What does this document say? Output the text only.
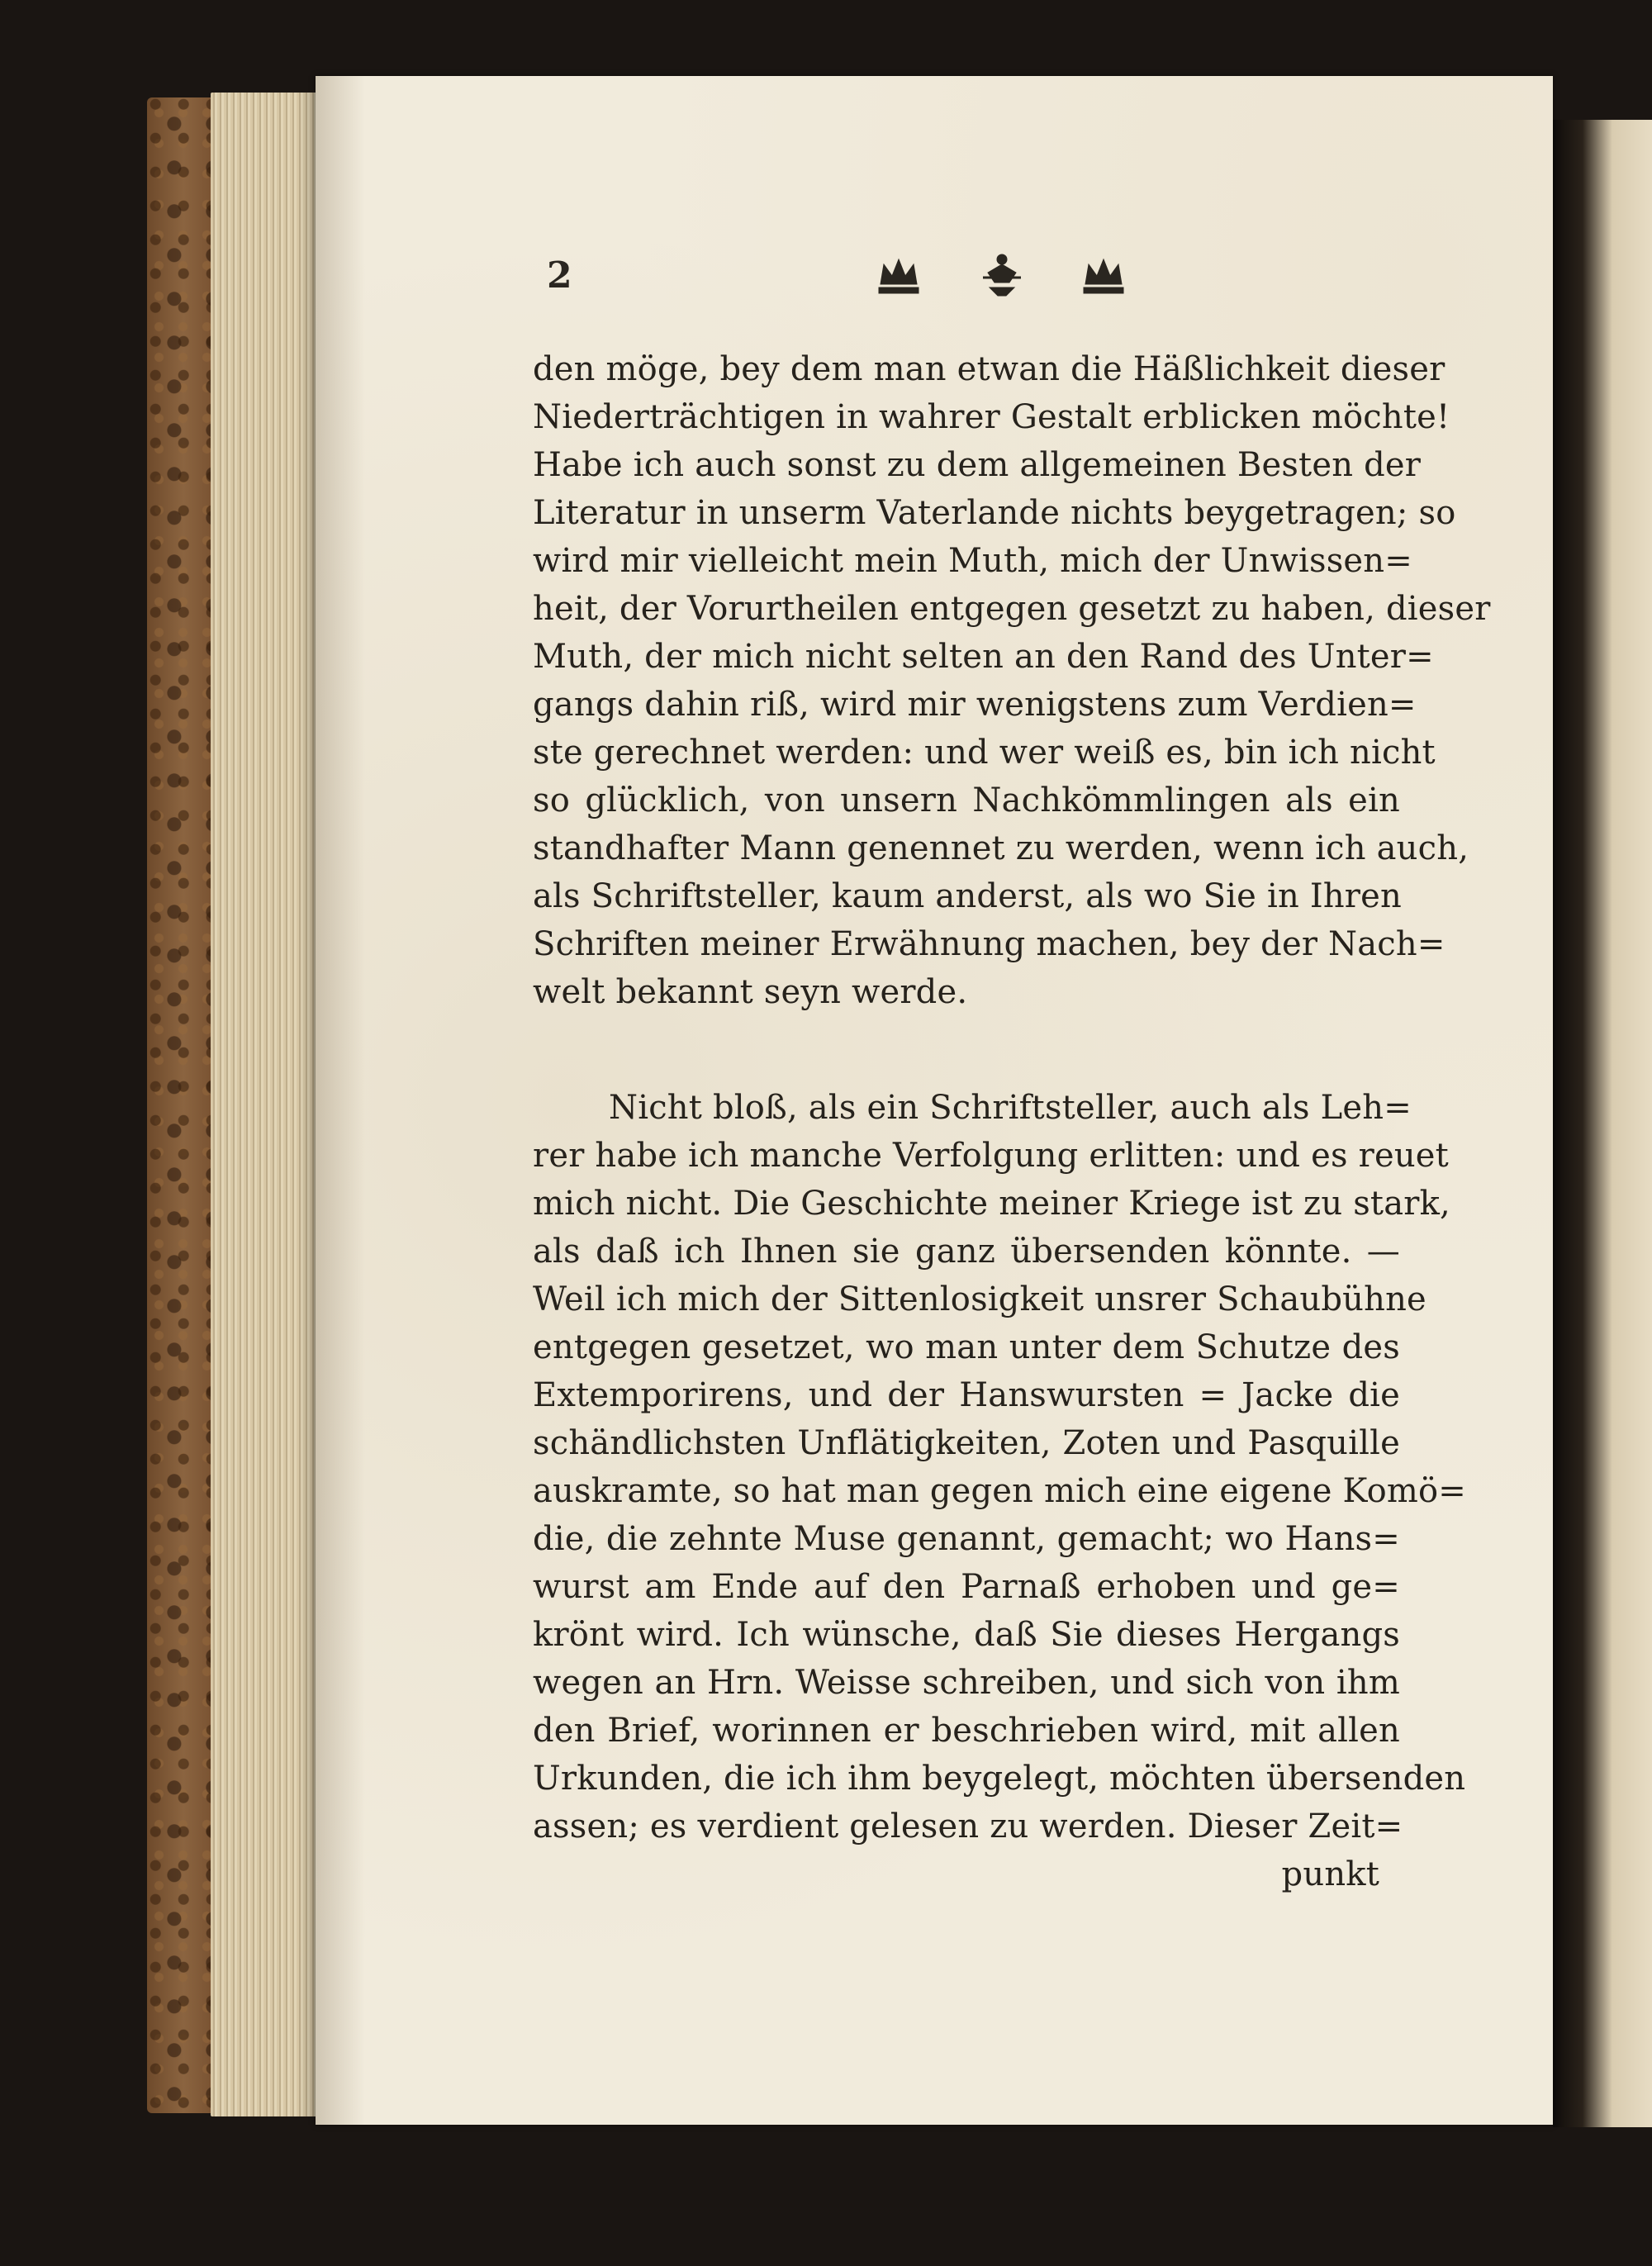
2
den möge, bey dem man etwan die Häßlichkeit dieser
Niederträchtigen in wahrer Gestalt erblicken möchte!
Habe ich auch sonst zu dem allgemeinen Besten der
Literatur in unserm Vaterlande nichts beygetragen; so
wird mir vielleicht mein Muth, mich der Unwissen=
heit, der Vorurtheilen entgegen gesetzt zu haben, dieser
Muth, der mich nicht selten an den Rand des Unter=
gangs dahin riß, wird mir wenigstens zum Verdien=
ste gerechnet werden: und wer weiß es, bin ich nicht
so glücklich, von unsern Nachkömmlingen als ein
standhafter Mann genennet zu werden, wenn ich auch,
als Schriftsteller, kaum anderst, als wo Sie in Ihren
Schriften meiner Erwähnung machen, bey der Nach=
welt bekannt seyn werde.
Nicht bloß, als ein Schriftsteller, auch als Leh=
rer habe ich manche Verfolgung erlitten: und es reuet
mich nicht. Die Geschichte meiner Kriege ist zu stark,
als daß ich Ihnen sie ganz übersenden könnte. —
Weil ich mich der Sittenlosigkeit unsrer Schaubühne
entgegen gesetzet, wo man unter dem Schutze des
Extemporirens, und der Hanswursten = Jacke die
schändlichsten Unflätigkeiten, Zoten und Pasquille
auskramte, so hat man gegen mich eine eigene Komö=
die, die zehnte Muse genannt, gemacht; wo Hans=
wurst am Ende auf den Parnaß erhoben und ge=
krönt wird. Ich wünsche, daß Sie dieses Hergangs
wegen an Hrn. Weisse schreiben, und sich von ihm
den Brief, worinnen er beschrieben wird, mit allen
Urkunden, die ich ihm beygelegt, möchten übersenden
assen; es verdient gelesen zu werden. Dieser Zeit=
punkt
